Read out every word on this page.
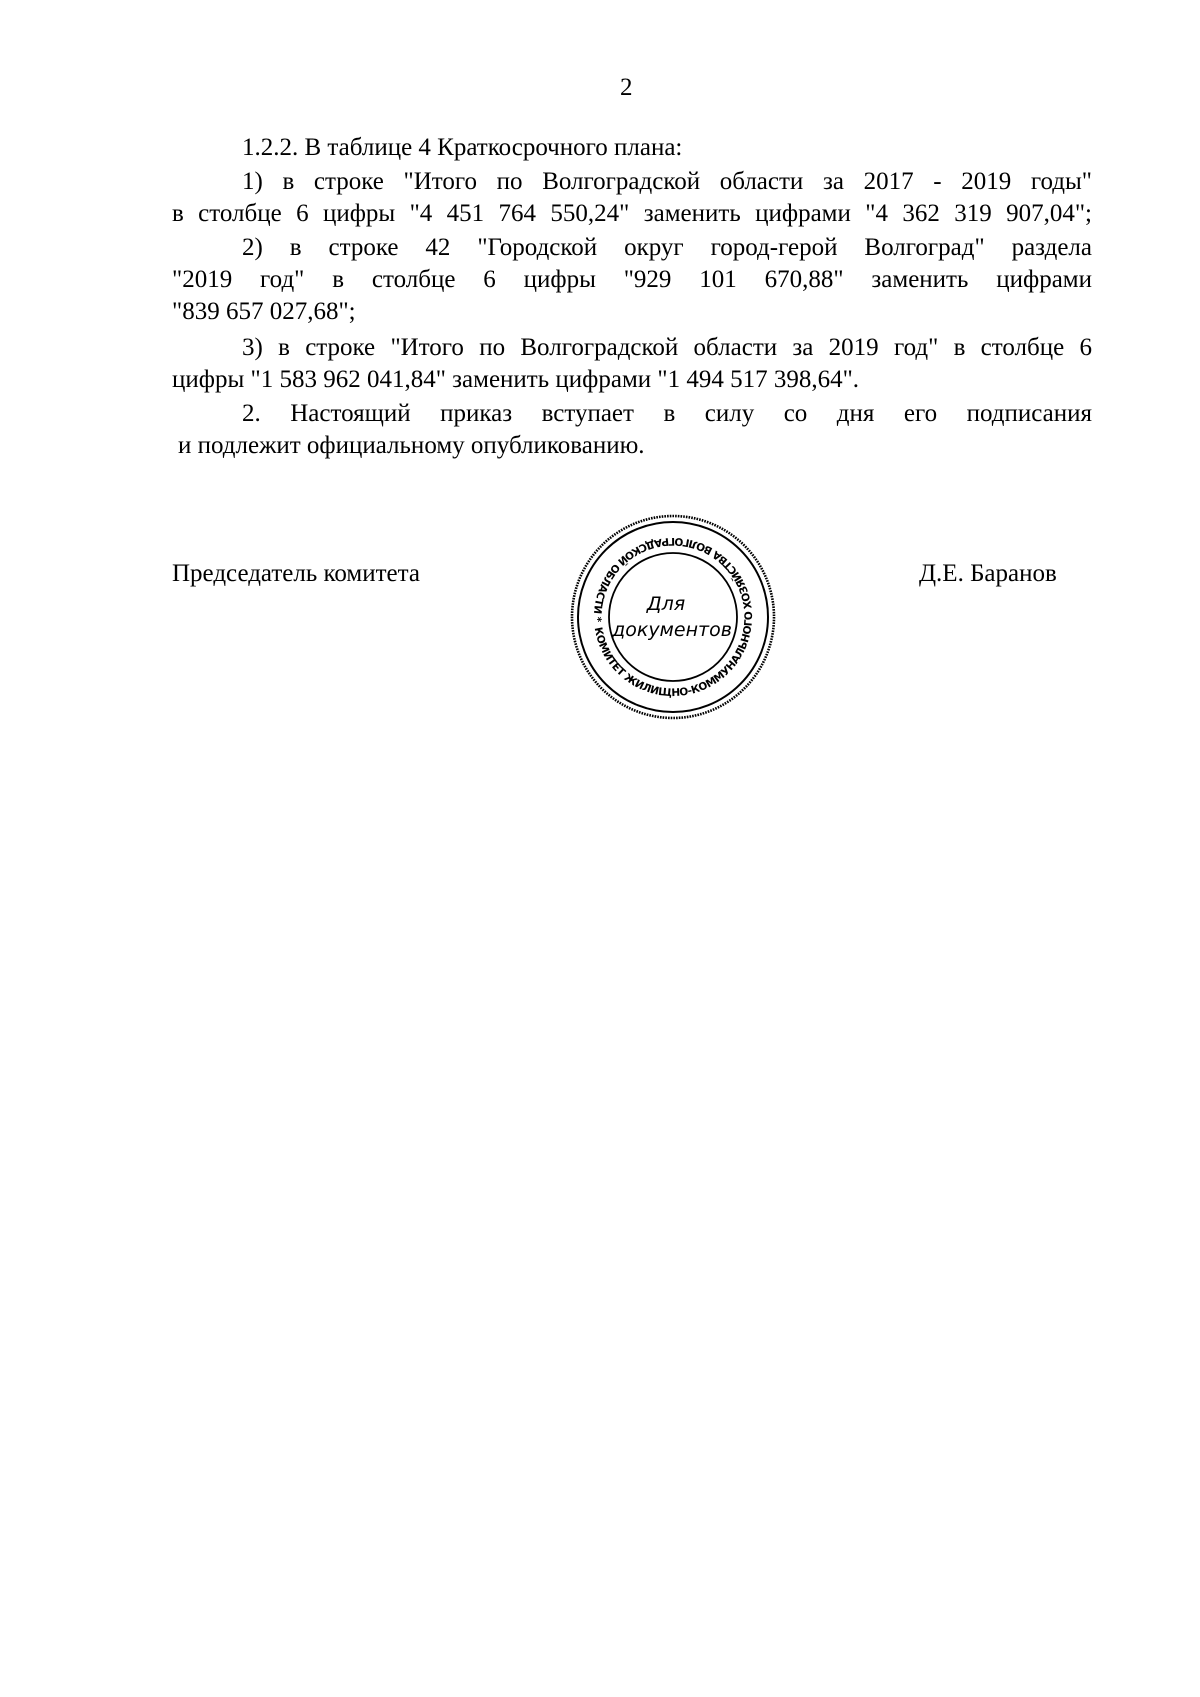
2
1.2.2. В таблице 4 Краткосрочного плана:
1) в строке "Итого по Волгоградской области за 2017 - 2019 годы"
в столбце 6 цифры "4 451 764 550,24" заменить цифрами "4 362 319 907,04";
2) в строке 42 "Городской округ город-герой Волгоград" раздела
"2019 год" в столбце 6 цифры "929 101 670,88" заменить цифрами
"839 657 027,68";
3) в строке "Итого по Волгоградской области за 2019 год" в столбце 6
цифры "1 583 962 041,84" заменить цифрами "1 494 517 398,64".
2. Настоящий приказ вступает в силу со дня его подписания
и подлежит официальному опубликованию.
Председатель комитета	Д.Е. Баранов
КОМИТЕТ ЖИЛИЩНО-КОММУНАЛЬНОГО ХОЗЯЙСТВА ВОЛГОГРАДСКОЙ ОБЛАСТИ *
Для
документов
